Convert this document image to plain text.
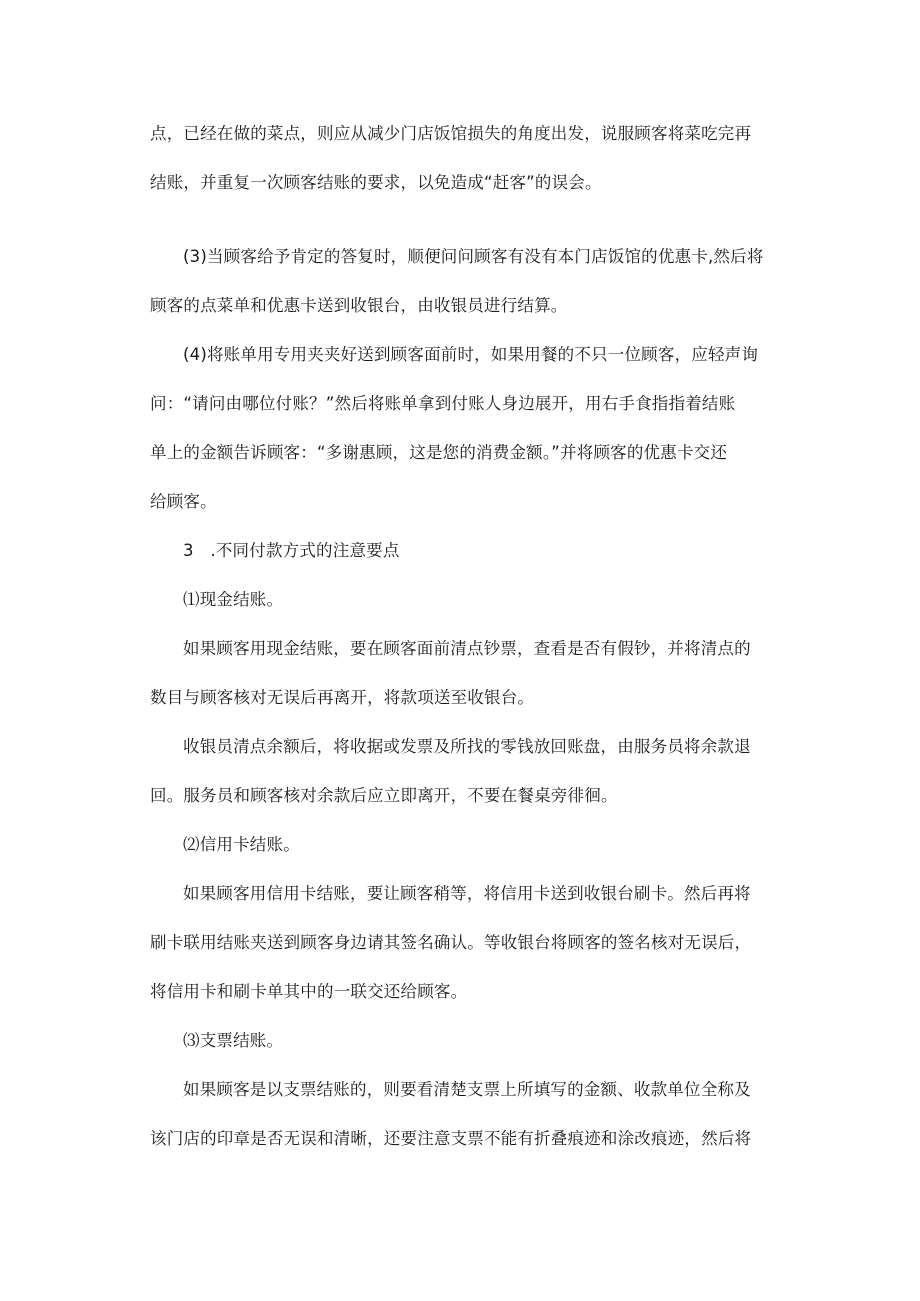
点，已经在做的菜点，则应从减少门店饭馆损失的角度出发，说服顾客将菜吃完再
结账，并重复一次顾客结账的要求，以免造成“赶客”的误会。
(3)当顾客给予肯定的答复时，顺便问问顾客有没有本门店饭馆的优惠卡,然后将
顾客的点菜单和优惠卡送到收银台，由收银员进行结算。
(4)将账单用专用夹夹好送到顾客面前时，如果用餐的不只一位顾客，应轻声询
问：“请问由哪位付账？”然后将账单拿到付账人身边展开，用右手食指指着结账
单上的金额告诉顾客：“多谢惠顾，这是您的消费金额。”并将顾客的优惠卡交还
给顾客。
3　.不同付款方式的注意要点
⑴现金结账。
如果顾客用现金结账，要在顾客面前清点钞票，查看是否有假钞，并将清点的
数目与顾客核对无误后再离开，将款项送至收银台。
收银员清点余额后，将收据或发票及所找的零钱放回账盘，由服务员将余款退
回。服务员和顾客核对余款后应立即离开，不要在餐桌旁徘徊。
⑵信用卡结账。
如果顾客用信用卡结账，要让顾客稍等，将信用卡送到收银台刷卡。然后再将
刷卡联用结账夹送到顾客身边请其签名确认。等收银台将顾客的签名核对无误后，
将信用卡和刷卡单其中的一联交还给顾客。
⑶支票结账。
如果顾客是以支票结账的，则要看清楚支票上所填写的金额、收款单位全称及
该门店的印章是否无误和清晰，还要注意支票不能有折叠痕迹和涂改痕迹，然后将
